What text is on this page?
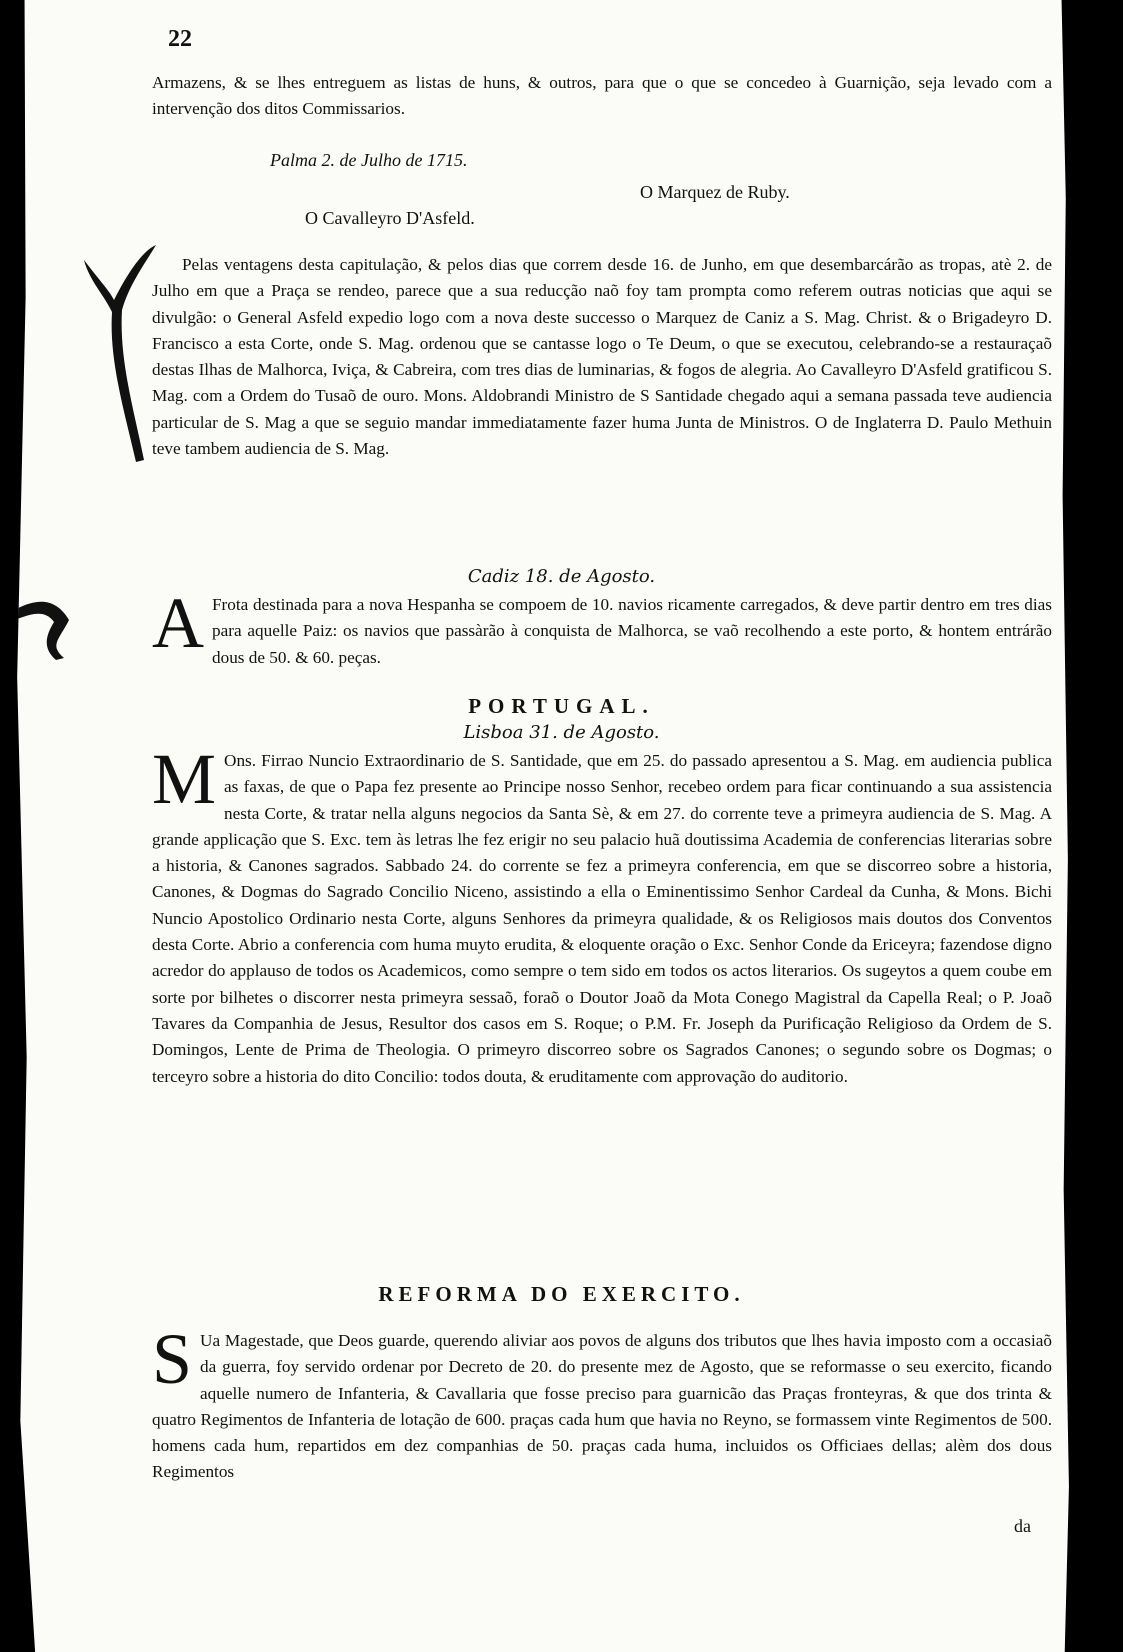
22
Armazens, & se lhes entreguem as listas de huns, & outros, para que o que se concedeo à Guarnição, seja levado com a intervenção dos ditos Commissarios.
Palma 2. de Julho de 1715.
O Marquez de Ruby.
O Cavalleyro D'Asfeld.
Pelas ventagens desta capitulação, & pelos dias que correm desde 16. de Junho, em que desembarcárão as tropas, atè 2. de Julho em que a Praça se rendeo, parece que a sua reducção naõ foy tam prompta como referem outras noticias que aqui se divulgão: o General Asfeld expedio logo com a nova deste successo o Marquez de Caniz a S. Mag. Christ. & o Brigadeyro D. Francisco a esta Corte, onde S. Mag. ordenou que se cantasse logo o Te Deum, o que se executou, celebrando-se a restauraçaõ destas Ilhas de Malhorca, Iviça, & Cabreira, com tres dias de luminarias, & fogos de alegria. Ao Cavalleyro D'Asfeld gratificou S. Mag. com a Ordem do Tusaõ de ouro. Mons. Aldobrandi Ministro de S Santidade chegado aqui a semana passada teve audiencia particular de S. Mag a que se seguio mandar immediatamente fazer huma Junta de Ministros. O de Inglaterra D. Paulo Methuin teve tambem audiencia de S. Mag.
Cadiz 18. de Agosto.
A Frota destinada para a nova Hespanha se compoem de 10. navios ricamente carregados, & deve partir dentro em tres dias para aquelle Paiz: os navios que passàrão à conquista de Malhorca, se vaõ recolhendo a este porto, & hontem entrárão dous de 50. & 60. peças.
PORTUGAL.
Lisboa 31. de Agosto.
M Ons. Firrao Nuncio Extraordinario de S. Santidade, que em 25. do passado apresentou a S. Mag. em audiencia publica as faxas, de que o Papa fez presente ao Principe nosso Senhor, recebeo ordem para ficar continuando a sua assistencia nesta Corte, & tratar nella alguns negocios da Santa Sè, & em 27. do corrente teve a primeyra audiencia de S. Mag. A grande applicação que S. Exc. tem às letras lhe fez erigir no seu palacio huã doutissima Academia de conferencias literarias sobre a historia, & Canones sagrados. Sabbado 24. do corrente se fez a primeyra conferencia, em que se discorreo sobre a historia, Canones, & Dogmas do Sagrado Concilio Niceno, assistindo a ella o Eminentissimo Senhor Cardeal da Cunha, & Mons. Bichi Nuncio Apostolico Ordinario nesta Corte, alguns Senhores da primeyra qualidade, & os Religiosos mais doutos dos Conventos desta Corte. Abrio a conferencia com huma muyto erudita, & eloquente oração o Exc. Senhor Conde da Ericeyra; fazendose digno acredor do applauso de todos os Academicos, como sempre o tem sido em todos os actos literarios. Os sugeytos a quem coube em sorte por bilhetes o discorrer nesta primeyra sessaõ, foraõ o Doutor Joaõ da Mota Conego Magistral da Capella Real; o P. Joaõ Tavares da Companhia de Jesus, Resultor dos casos em S. Roque; o P.M. Fr. Joseph da Purificação Religioso da Ordem de S. Domingos, Lente de Prima de Theologia. O primeyro discorreo sobre os Sagrados Canones; o segundo sobre os Dogmas; o terceyro sobre a historia do dito Concilio: todos douta, & eruditamente com approvação do auditorio.
REFORMA DO EXERCITO.
S Ua Magestade, que Deos guarde, querendo aliviar aos povos de alguns dos tributos que lhes havia imposto com a occasiaõ da guerra, foy servido ordenar por Decreto de 20. do presente mez de Agosto, que se reformasse o seu exercito, ficando aquelle numero de Infanteria, & Cavallaria que fosse preciso para guarnicão das Praças fronteyras, & que dos trinta & quatro Regimentos de Infanteria de lotação de 600. praças cada hum que havia no Reyno, se formassem vinte Regimentos de 500. homens cada hum, repartidos em dez companhias de 50. praças cada huma, incluidos os Officiaes dellas; alèm dos dous Regimentos
da
